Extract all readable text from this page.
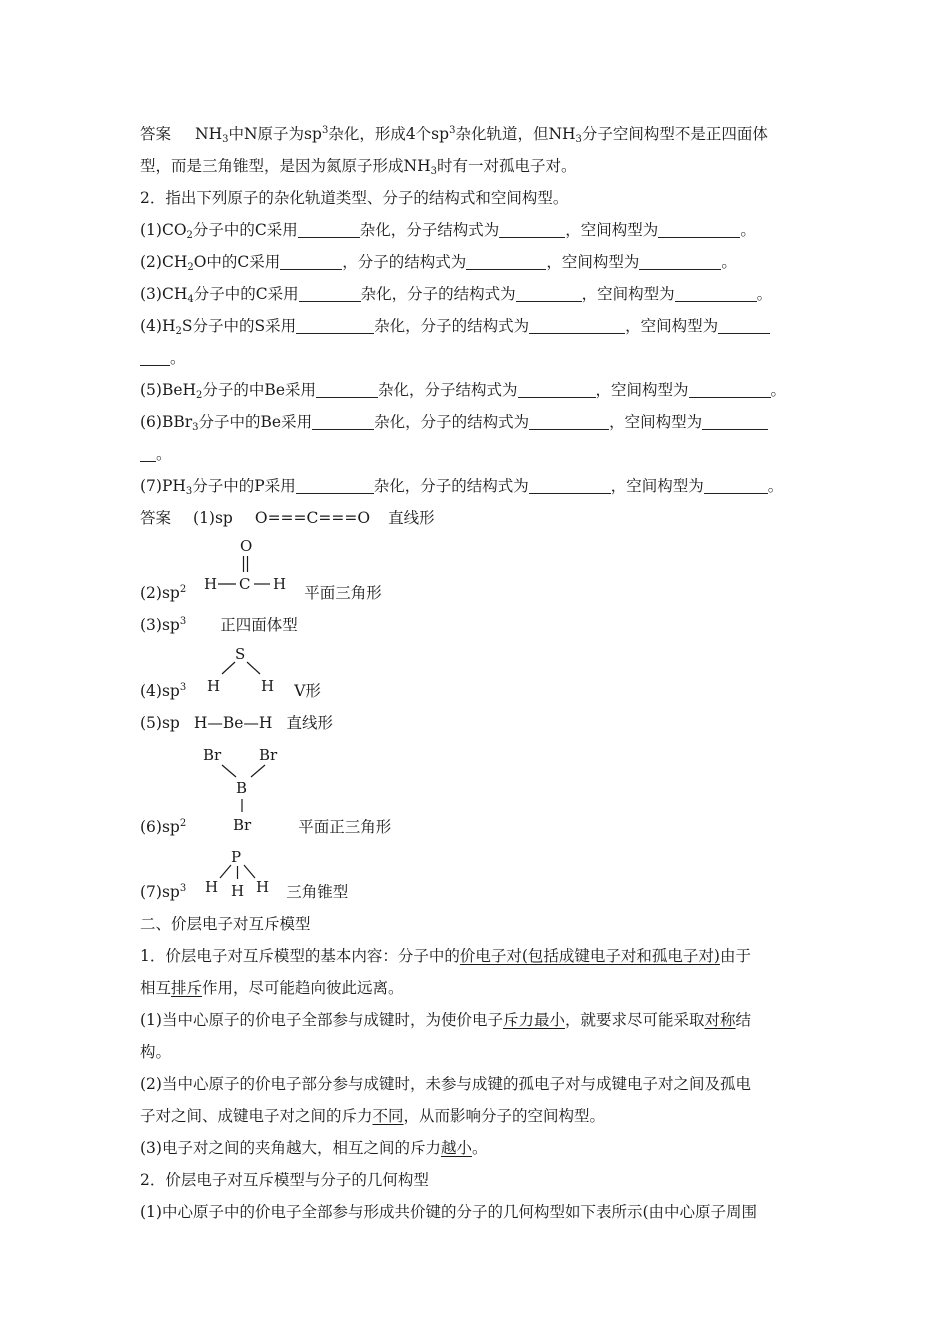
答案 $NH_3$中N原子为$sp^3$杂化，形成4个$sp^3$杂化轨道，但$NH_3$分子空间构型不是正四面体
型，而是三角锥型，是因为氮原子形成$NH_3$时有一对孤电子对。
2．指出下列原子的杂化轨道类型、分子的结构式和空间构型。
$(1)CO_2$分子中的C采用	杂化，分子结构式为	，空间构型为	。
$(2)CH_2O$中的C采用	，分子的结构式为	，空间构型为	。
$(3)CH_4$分子中的C采用	杂化，分子的结构式为	，空间构型为	。
$(4)H_2S$分子中的S采用	杂化，分子的结构式为	，空间构型为
。
(5)BeH$_2$分子的中Be采用	杂化，分子结构式为	，空间构型为	。
(6)BBr$_3$分子中的Be采用	杂化，分子的结构式为	，空间构型为
。
$(7)PH_3$分子中的P采用	杂化，分子的结构式为	，空间构型为	。
答案 (1)sp O===C===O 直线形
O
H C H
$(2)sp^2$	平面三角形
$(3)sp^3$ 正四面体型
S
H	H
$(4)sp^3$	V形
(5)sp H—Be—H 直线形
Br	Br
B
Br
$(6)sp^2$	平面正三角形
P
H H H
$(7)sp^3$	三角锥型
二、价层电子对互斥模型
1．价层电子对互斥模型的基本内容：分子中的价电子对(包括成键电子对和孤电子对)由于
相互排斥作用，尽可能趋向彼此远离。
(1)当中心原子的价电子全部参与成键时，为使价电子斥力最小，就要求尽可能采取对称结
构。
(2)当中心原子的价电子部分参与成键时，未参与成键的孤电子对与成键电子对之间及孤电
子对之间、成键电子对之间的斥力不同，从而影响分子的空间构型。
(3)电子对之间的夹角越大，相互之间的斥力越小。
2．价层电子对互斥模型与分子的几何构型
(1)中心原子中的价电子全部参与形成共价键的分子的几何构型如下表所示(由中心原子周围
